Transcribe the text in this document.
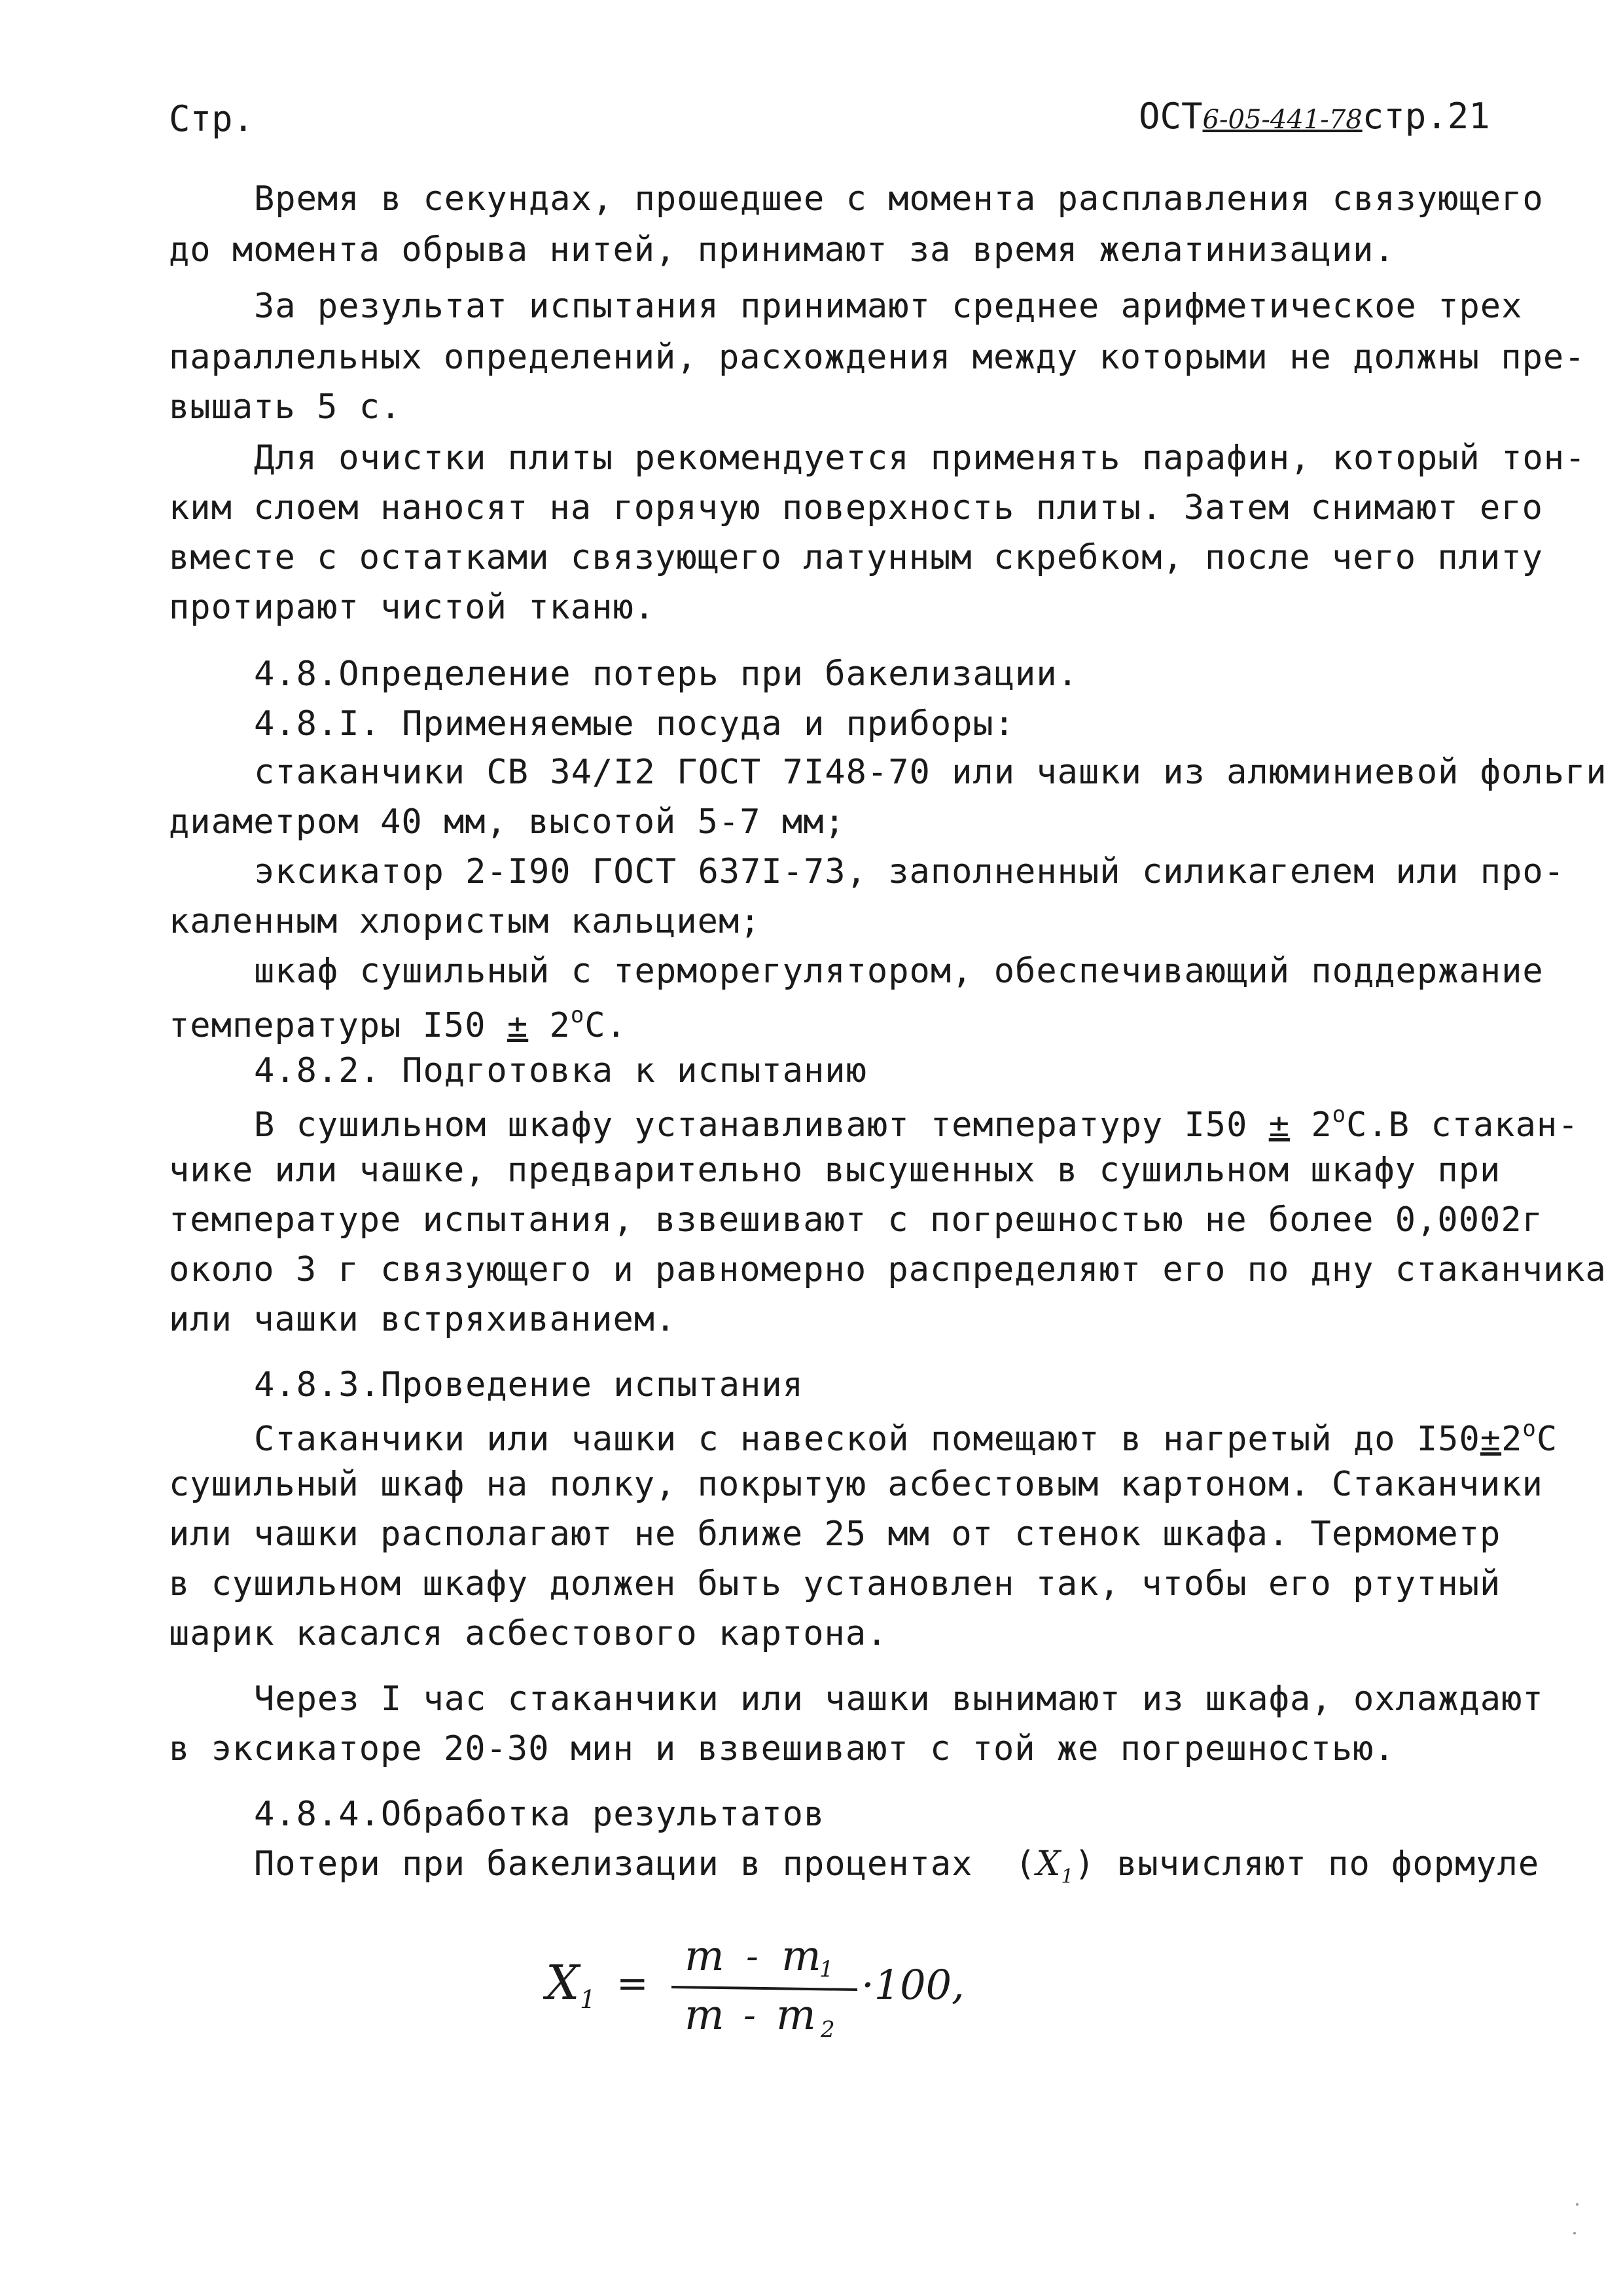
Стр.	ОСТ6-05-441-78стр.21
Время в секундах, прошедшее с момента расплавления связующего
до момента обрыва нитей, принимают за время желатинизации.
За результат испытания принимают среднее арифметическое трех
параллельных определений, расхождения между которыми не должны пре-
вышать 5 с.
Для очистки плиты рекомендуется применять парафин, который тон-
ким слоем наносят на горячую поверхность плиты. Затем снимают его
вместе с остатками связующего латунным скребком, после чего плиту
протирают чистой тканю.
4.8.Определение потерь при бакелизации.
4.8.I. Применяемые посуда и приборы:
стаканчики СВ 34/I2 ГОСТ 7I48-70 или чашки из алюминиевой фольги
диаметром 40 мм, высотой 5-7 мм;
эксикатор 2-I90 ГОСТ 637I-73, заполненный силикагелем или про-
каленным хлористым кальцием;
шкаф сушильный с терморегулятором, обеспечивающий поддержание
температуры $I50 \pm 2^оС$.
4.8.2. Подготовка к испытанию
В сушильном шкафу устанавливают температуру $I50 \pm 2^оС.В$ стакан-
чике или чашке, предварительно высушенных в сушильном шкафу при
температуре испытания, взвешивают с погрешностью не более 0,0002г
около 3 г связующего и равномерно распределяют его по дну стаканчика
или чашки встряхиванием.
4.8.3.Проведение испытания
Стаканчики или чашки с навеской помещают в нагретый до $I50\pm 2^оС$
сушильный шкаф на полку, покрытую асбестовым картоном. Стаканчики
или чашки располагают не ближе 25 мм от стенок шкафа. Термометр
в сушильном шкафу должен быть установлен так, чтобы его ртутный
шарик касался асбестового картона.
Через I час стаканчики или чашки вынимают из шкафа, охлаждают
в эксикаторе 20-30 мин и взвешивают с той же погрешностью.
4.8.4.Обработка результатов
Потери при бакелизации в процентах  $(X_1)$ вычисляют по формуле
X 1 =
m - m
1
m - m 2
·100,
